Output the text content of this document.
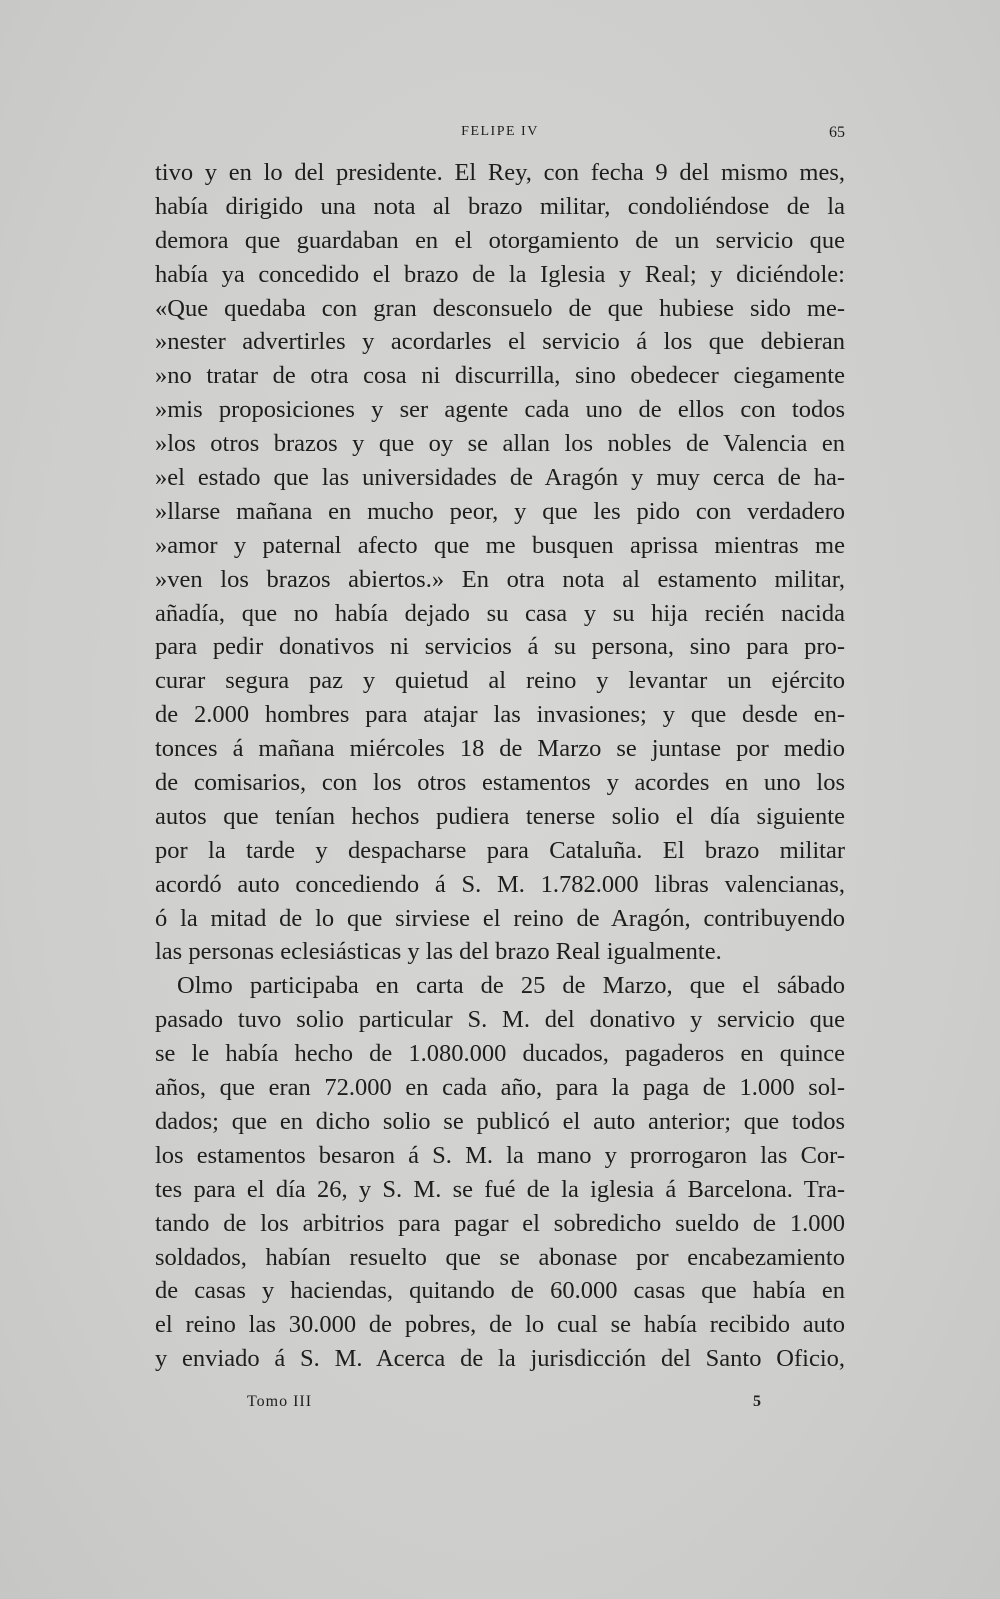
FELIPE IV	65
tivo y en lo del presidente. El Rey, con fecha 9 del mismo mes,
había dirigido una nota al brazo militar, condoliéndose de la
demora que guardaban en el otorgamiento de un servicio que
había ya concedido el brazo de la Iglesia y Real; y diciéndole:
«Que quedaba con gran desconsuelo de que hubiese sido me-
»nester advertirles y acordarles el servicio á los que debieran
»no tratar de otra cosa ni discurrilla, sino obedecer ciegamente
»mis proposiciones y ser agente cada uno de ellos con todos
»los otros brazos y que oy se allan los nobles de Valencia en
»el estado que las universidades de Aragón y muy cerca de ha-
»llarse mañana en mucho peor, y que les pido con verdadero
»amor y paternal afecto que me busquen aprissa mientras me
»ven los brazos abiertos.» En otra nota al estamento militar,
añadía, que no había dejado su casa y su hija recién nacida
para pedir donativos ni servicios á su persona, sino para pro-
curar segura paz y quietud al reino y levantar un ejército
de 2.000 hombres para atajar las invasiones; y que desde en-
tonces á mañana miércoles 18 de Marzo se juntase por medio
de comisarios, con los otros estamentos y acordes en uno los
autos que tenían hechos pudiera tenerse solio el día siguiente
por la tarde y despacharse para Cataluña. El brazo militar
acordó auto concediendo á S. M. 1.782.000 libras valencianas,
ó la mitad de lo que sirviese el reino de Aragón, contribuyendo
las personas eclesiásticas y las del brazo Real igualmente.
Olmo participaba en carta de 25 de Marzo, que el sábado
pasado tuvo solio particular S. M. del donativo y servicio que
se le había hecho de 1.080.000 ducados, pagaderos en quince
años, que eran 72.000 en cada año, para la paga de 1.000 sol-
dados; que en dicho solio se publicó el auto anterior; que todos
los estamentos besaron á S. M. la mano y prorrogaron las Cor-
tes para el día 26, y S. M. se fué de la iglesia á Barcelona. Tra-
tando de los arbitrios para pagar el sobredicho sueldo de 1.000
soldados, habían resuelto que se abonase por encabezamiento
de casas y haciendas, quitando de 60.000 casas que había en
el reino las 30.000 de pobres, de lo cual se había recibido auto
y enviado á S. M. Acerca de la jurisdicción del Santo Oficio,
Tomo III	5
